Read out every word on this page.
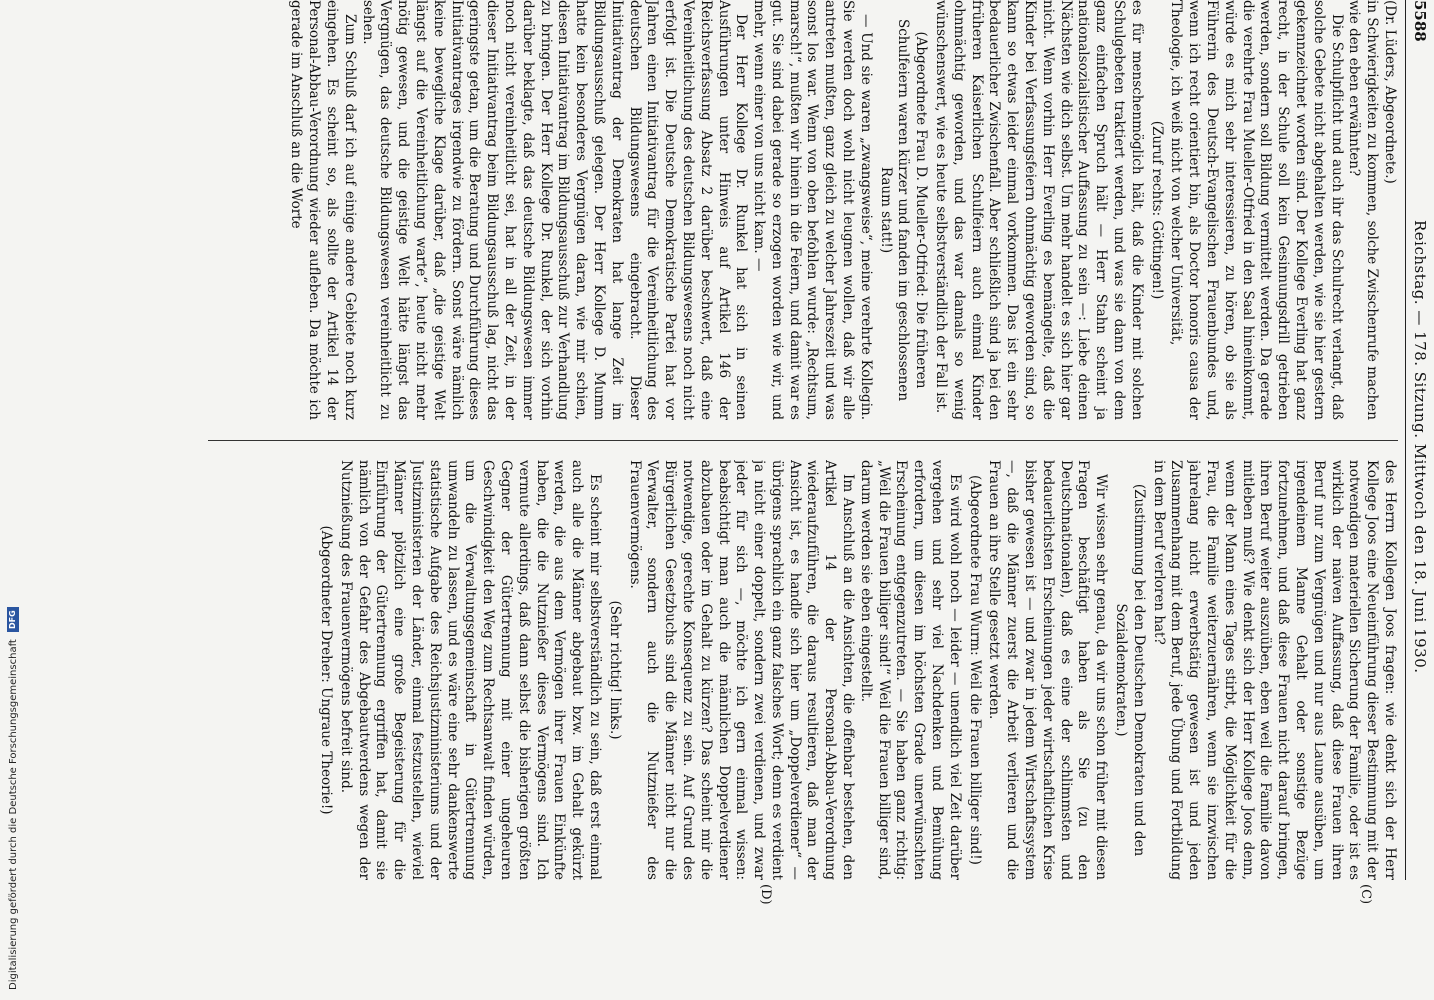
Digitalisierung gefördert durch die Deutsche Forschungsgemeinschaft DFG
5588
Reichstag. — 178. Sitzung. Mittwoch den 18. Juni 1930.
(C)
(D)

(Dr. Lüders, Abgeordnete.)

in Schwierigkeiten zu kommen, solche Zwischenrufe machen wie den eben erwähnten?

Die Schulpflicht und auch ihr das Schulrecht verlangt, daß solche Gebete nicht abgehalten werden, wie sie hier gestern gekennzeichnet worden sind. Der Kollege Everling hat ganz recht, in der Schule soll kein Gesinnungsdrill getrieben werden, sondern soll Bildung vermittelt werden. Da gerade die verehrte Frau Mueller-Otfried in den Saal hineinkommt, würde es mich sehr interessieren, zu hören, ob sie als Führerin des Deutsch-Evangelischen Frauenbundes und, wenn ich recht orientiert bin, als Doctor honoris causa der Theologie, ich weiß nicht von welcher Universität,

(Zuruf rechts: Göttingen!)

es für menschenmöglich hält, daß die Kinder mit solchen Schulgebeten traktiert werden, und was sie dann von dem ganz einfachen Spruch hält — Herr Stahn scheint ja nationalsozialistischer Auffassung zu sein —: Liebe deinen Nächsten wie dich selbst. Um mehr handelt es sich hier gar nicht. Wenn vorhin Herr Everling es bemängelte, daß die Kinder bei Verfassungsfeiern ohnmächtig geworden sind, so kann so etwas leider einmal vorkommen. Das ist ein sehr bedauerlicher Zwischenfall. Aber schließlich sind ja bei den früheren Kaiserlichen Schulfeiern auch einmal Kinder ohnmächtig geworden, und das war damals so wenig wünschenswert, wie es heute selbstverständlich der Fall ist.

(Abgeordnete Frau D. Mueller-Otfried: Die früheren Schulfeiern waren kürzer und fanden im geschlossenen Raum statt!)

— Und sie waren „zwangsweise“, meine verehrte Kollegin. Sie werden doch wohl nicht leugnen wollen, daß wir alle antreten mußten, ganz gleich zu welcher Jahreszeit und was sonst los war. Wenn von oben befohlen wurde: „Rechtsum, marsch!“, mußten wir hinein in die Feiern, und damit war es gut. Sie sind dabei gerade so erzogen worden wie wir, und mehr, wenn einer von uns nicht kam. —

Der Herr Kollege Dr. Runkel hat sich in seinen Ausführungen unter Hinweis auf Artikel 146 der Reichsverfassung Absatz 2 darüber beschwert, daß eine Vereinheitlichung des deutschen Bildungswesens noch nicht erfolgt ist. Die Deutsche Demokratische Partei hat vor Jahren einen Initiativantrag für die Vereinheitlichung des deutschen Bildungswesens eingebracht. Dieser Initiativantrag der Demokraten hat lange Zeit im Bildungsausschuß gelegen. Der Herr Kollege D. Mumm hatte kein besonderes Vergnügen daran, wie mir schien, diesen Initiativantrag im Bildungsausschuß zur Verhandlung zu bringen. Der Herr Kollege Dr. Runkel, der sich vorhin darüber beklagte, daß das deutsche Bildungswesen immer noch nicht vereinheitlicht sei, hat in all der Zeit, in der dieser Initiativantrag beim Bildungsausschuß lag, nicht das geringste getan, um die Beratung und Durchführung dieses Initiativantrages irgendwie zu fördern. Sonst wäre nämlich keine bewegliche Klage darüber, daß „die geistige Welt längst auf die Vereinheitlichung warte“, heute nicht mehr nötig gewesen, und die geistige Welt hätte längst das Vergnügen, das deutsche Bildungswesen vereinheitlicht zu sehen.

Zum Schluß darf ich auf einige andere Gebiete noch kurz eingehen. Es scheint so, als sollte der Artikel 14 der Personal-Abbau-Verordnung wieder aufleben. Da möchte ich gerade im Anschluß an die Worte

des Herrn Kollegen Joos fragen: wie denkt sich der Herr Kollege Joos eine Neueinführung dieser Bestimmung mit der notwendigen materiellen Sicherung der Familie, oder ist es wirklich der naiven Auffassung, daß diese Frauen ihren Beruf nur zum Vergnügen und nur aus Laune ausüben, um irgendeinem Manne Gehalt oder sonstige Bezüge fortzunehmen, und daß diese Frauen nicht darauf bringen, ihren Beruf weiter auszuüben, eben weil die Familie davon mitleben muß? Wie denkt sich der Herr Kollege Joos denn, wenn der Mann eines Tages stirbt, die Möglichkeit für die Frau, die Familie weiterzuernähren, wenn sie inzwischen jahrelang nicht erwerbstätig gewesen ist und jeden Zusammenhang mit dem Beruf, jede Übung und Fortbildung in dem Beruf verloren hat?

(Zustimmung bei den Deutschen Demokraten und den Sozialdemokraten.)

Wir wissen sehr genau, da wir uns schon früher mit diesen Fragen beschäftigt haben als Sie (zu den Deutschnationalen), daß es eine der schlimmsten und bedauerlichsten Erscheinungen jeder wirtschaftlichen Krise bisher gewesen ist — und zwar in jedem Wirtschaftssystem —, daß die Männer zuerst die Arbeit verlieren und die Frauen an ihre Stelle gesetzt werden.

(Abgeordnete Frau Wurm: Weil die Frauen billiger sind!)

Es wird wohl noch — leider — unendlich viel Zeit darüber vergehen und sehr viel Nachdenken und Bemühung erfordern, um diesen im höchsten Grade unerwünschten Erscheinung entgegenzutreten. — Sie haben ganz richtig: „Weil die Frauen billiger sind!“ Weil die Frauen billiger sind, darum werden sie eben eingestellt.

Im Anschluß an die Ansichten, die offenbar bestehen, den Artikel 14 der Personal-Abbau-Verordnung wiederaufzuführen, die daraus resultieren, daß man der Ansicht ist, es handle sich hier um „Doppelverdiener“ — übrigens sprachlich ein ganz falsches Wort; denn es verdient ja nicht einer doppelt, sondern zwei verdienen, und zwar jeder für sich —, möchte ich gern einmal wissen: beabsichtigt man auch die männlichen Doppelverdiener abzubauen oder im Gehalt zu kürzen? Das scheint mir die notwendige, gerechte Konsequenz zu sein. Auf Grund des Bürgerlichen Gesetzbuchs sind die Männer nicht nur die Verwalter, sondern auch die Nutznießer des Frauenvermögens.

(Sehr richtig! links.)

Es scheint mir selbstverständlich zu sein, daß erst einmal auch alle die Männer abgebaut bzw. im Gehalt gekürzt werden, die aus dem Vermögen ihrer Frauen Einkünfte haben, die die Nutznießer dieses Vermögens sind. Ich vermute allerdings, daß dann selbst die bisherigen größten Gegner der Gütertrennung mit einer ungeheuren Geschwindigkeit den Weg zum Rechtsanwalt finden würden, um die Verwaltungsgemeinschaft in Gütertrennung umwandeln zu lassen, und es wäre eine sehr dankenswerte statistische Aufgabe des Reichsjustizministeriums und der Justizministerien der Länder, einmal festzustellen, wieviel Männer plötzlich eine große Begeisterung für die Einführung der Gütertrennung ergriffen hat, damit sie nämlich von der Gefahr des Abgebautwerdens wegen der Nutznießung des Frauenvermögens befreit sind.

(Abgeordneter Dreher: Ungraue Theorie!)
